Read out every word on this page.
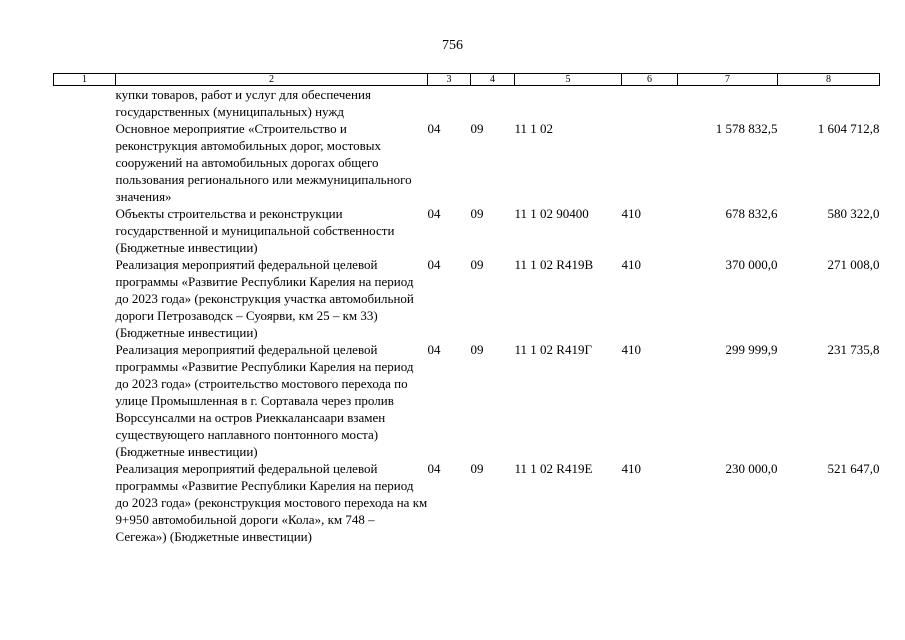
756
1	2	3	4	5	6	7	8
	купки товаров, работ и услуг для обеспечения государственных (муниципальных) нужд						
	Основное мероприятие «Строительство и реконструкция автомобильных дорог, мостовых сооружений на автомобильных дорогах общего пользования регионального или межмуниципального значения»	04	09	11 1 02		1 578 832,5	1 604 712,8
	Объекты строительства и реконструкции государственной и муниципальной собственности (Бюджетные инвестиции)	04	09	11 1 02 90400	410	678 832,6	580 322,0
	Реализация мероприятий федеральной целевой программы «Развитие Республики Карелия на период до 2023 года» (реконструкция участка автомобильной дороги Петрозаводск – Суоярви, км 25 – км 33) (Бюджетные инвестиции)	04	09	11 1 02 R419В	410	370 000,0	271 008,0
	Реализация мероприятий федеральной целевой программы «Развитие Республики Карелия на период до 2023 года» (строительство мостового перехода по улице Промышленная в г. Сортавала через пролив Ворссунсалми на остров Риеккалансаари взамен существующего наплавного понтонного моста) (Бюджетные инвестиции)	04	09	11 1 02 R419Г	410	299 999,9	231 735,8
	Реализация мероприятий федеральной целевой программы «Развитие Республики Карелия на период до 2023 года» (реконструкция мостового перехода на км 9+950 автомобильной дороги «Кола», км 748 – Сегежа») (Бюджетные инвестиции)	04	09	11 1 02 R419Е	410	230 000,0	521 647,0
